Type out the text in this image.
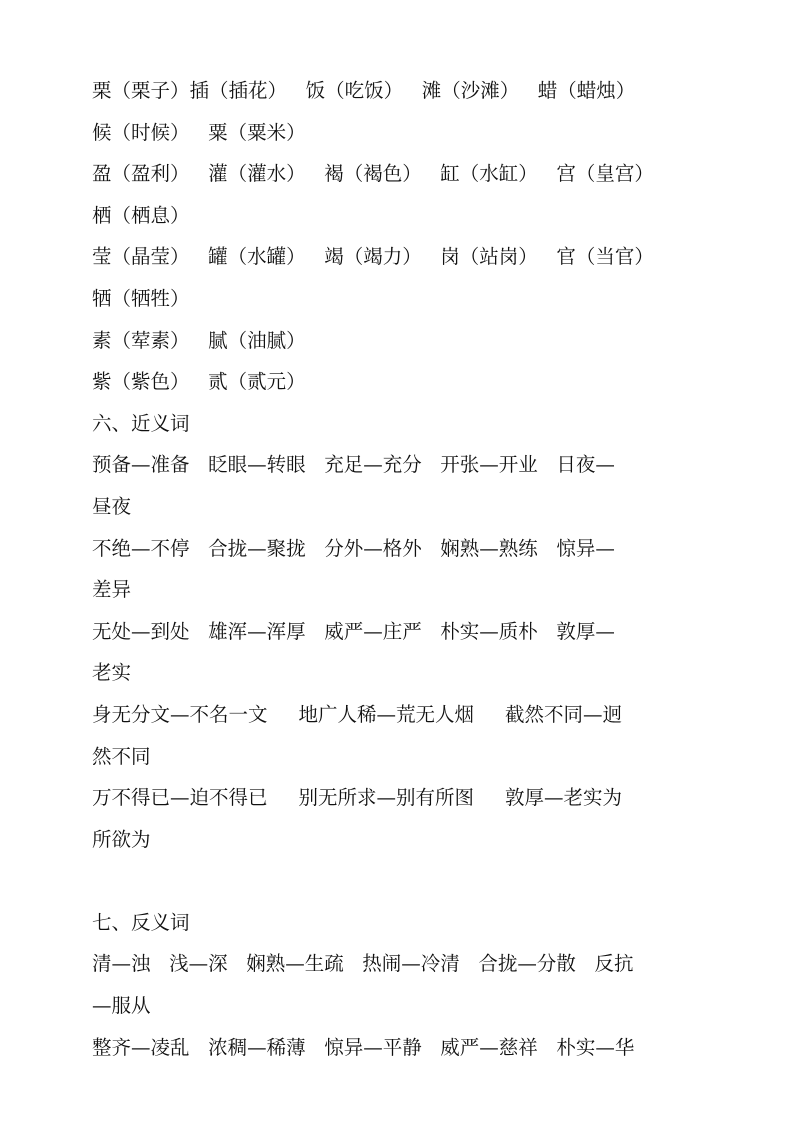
栗（栗子）插（插花）   饭（吃饭）   滩（沙滩）   蜡（蜡烛）
候（时候）   粟（粟米）
盈（盈利）   灌（灌水）   褐（褐色）   缸（水缸）   宫（皇宫）
栖（栖息）
莹（晶莹）   罐（水罐）   竭（竭力）   岗（站岗）   官（当官）
牺（牺牲）
素（荤素）   腻（油腻）
紫（紫色）   贰（贰元）
六、近义词
预备—准备   眨眼—转眼   充足—充分   开张—开业   日夜—
昼夜
不绝—不停   合拢—聚拢   分外—格外   娴熟—熟练   惊异—
差异
无处—到处   雄浑—浑厚   威严—庄严   朴实—质朴   敦厚—
老实
身无分文—不名一文     地广人稀—荒无人烟     截然不同—迥
然不同
万不得已—迫不得已     别无所求—别有所图     敦厚—老实为
所欲为
七、反义词
清—浊   浅—深   娴熟—生疏   热闹—冷清   合拢—分散   反抗
—服从
整齐—凌乱   浓稠—稀薄   惊异—平静   威严—慈祥   朴实—华
